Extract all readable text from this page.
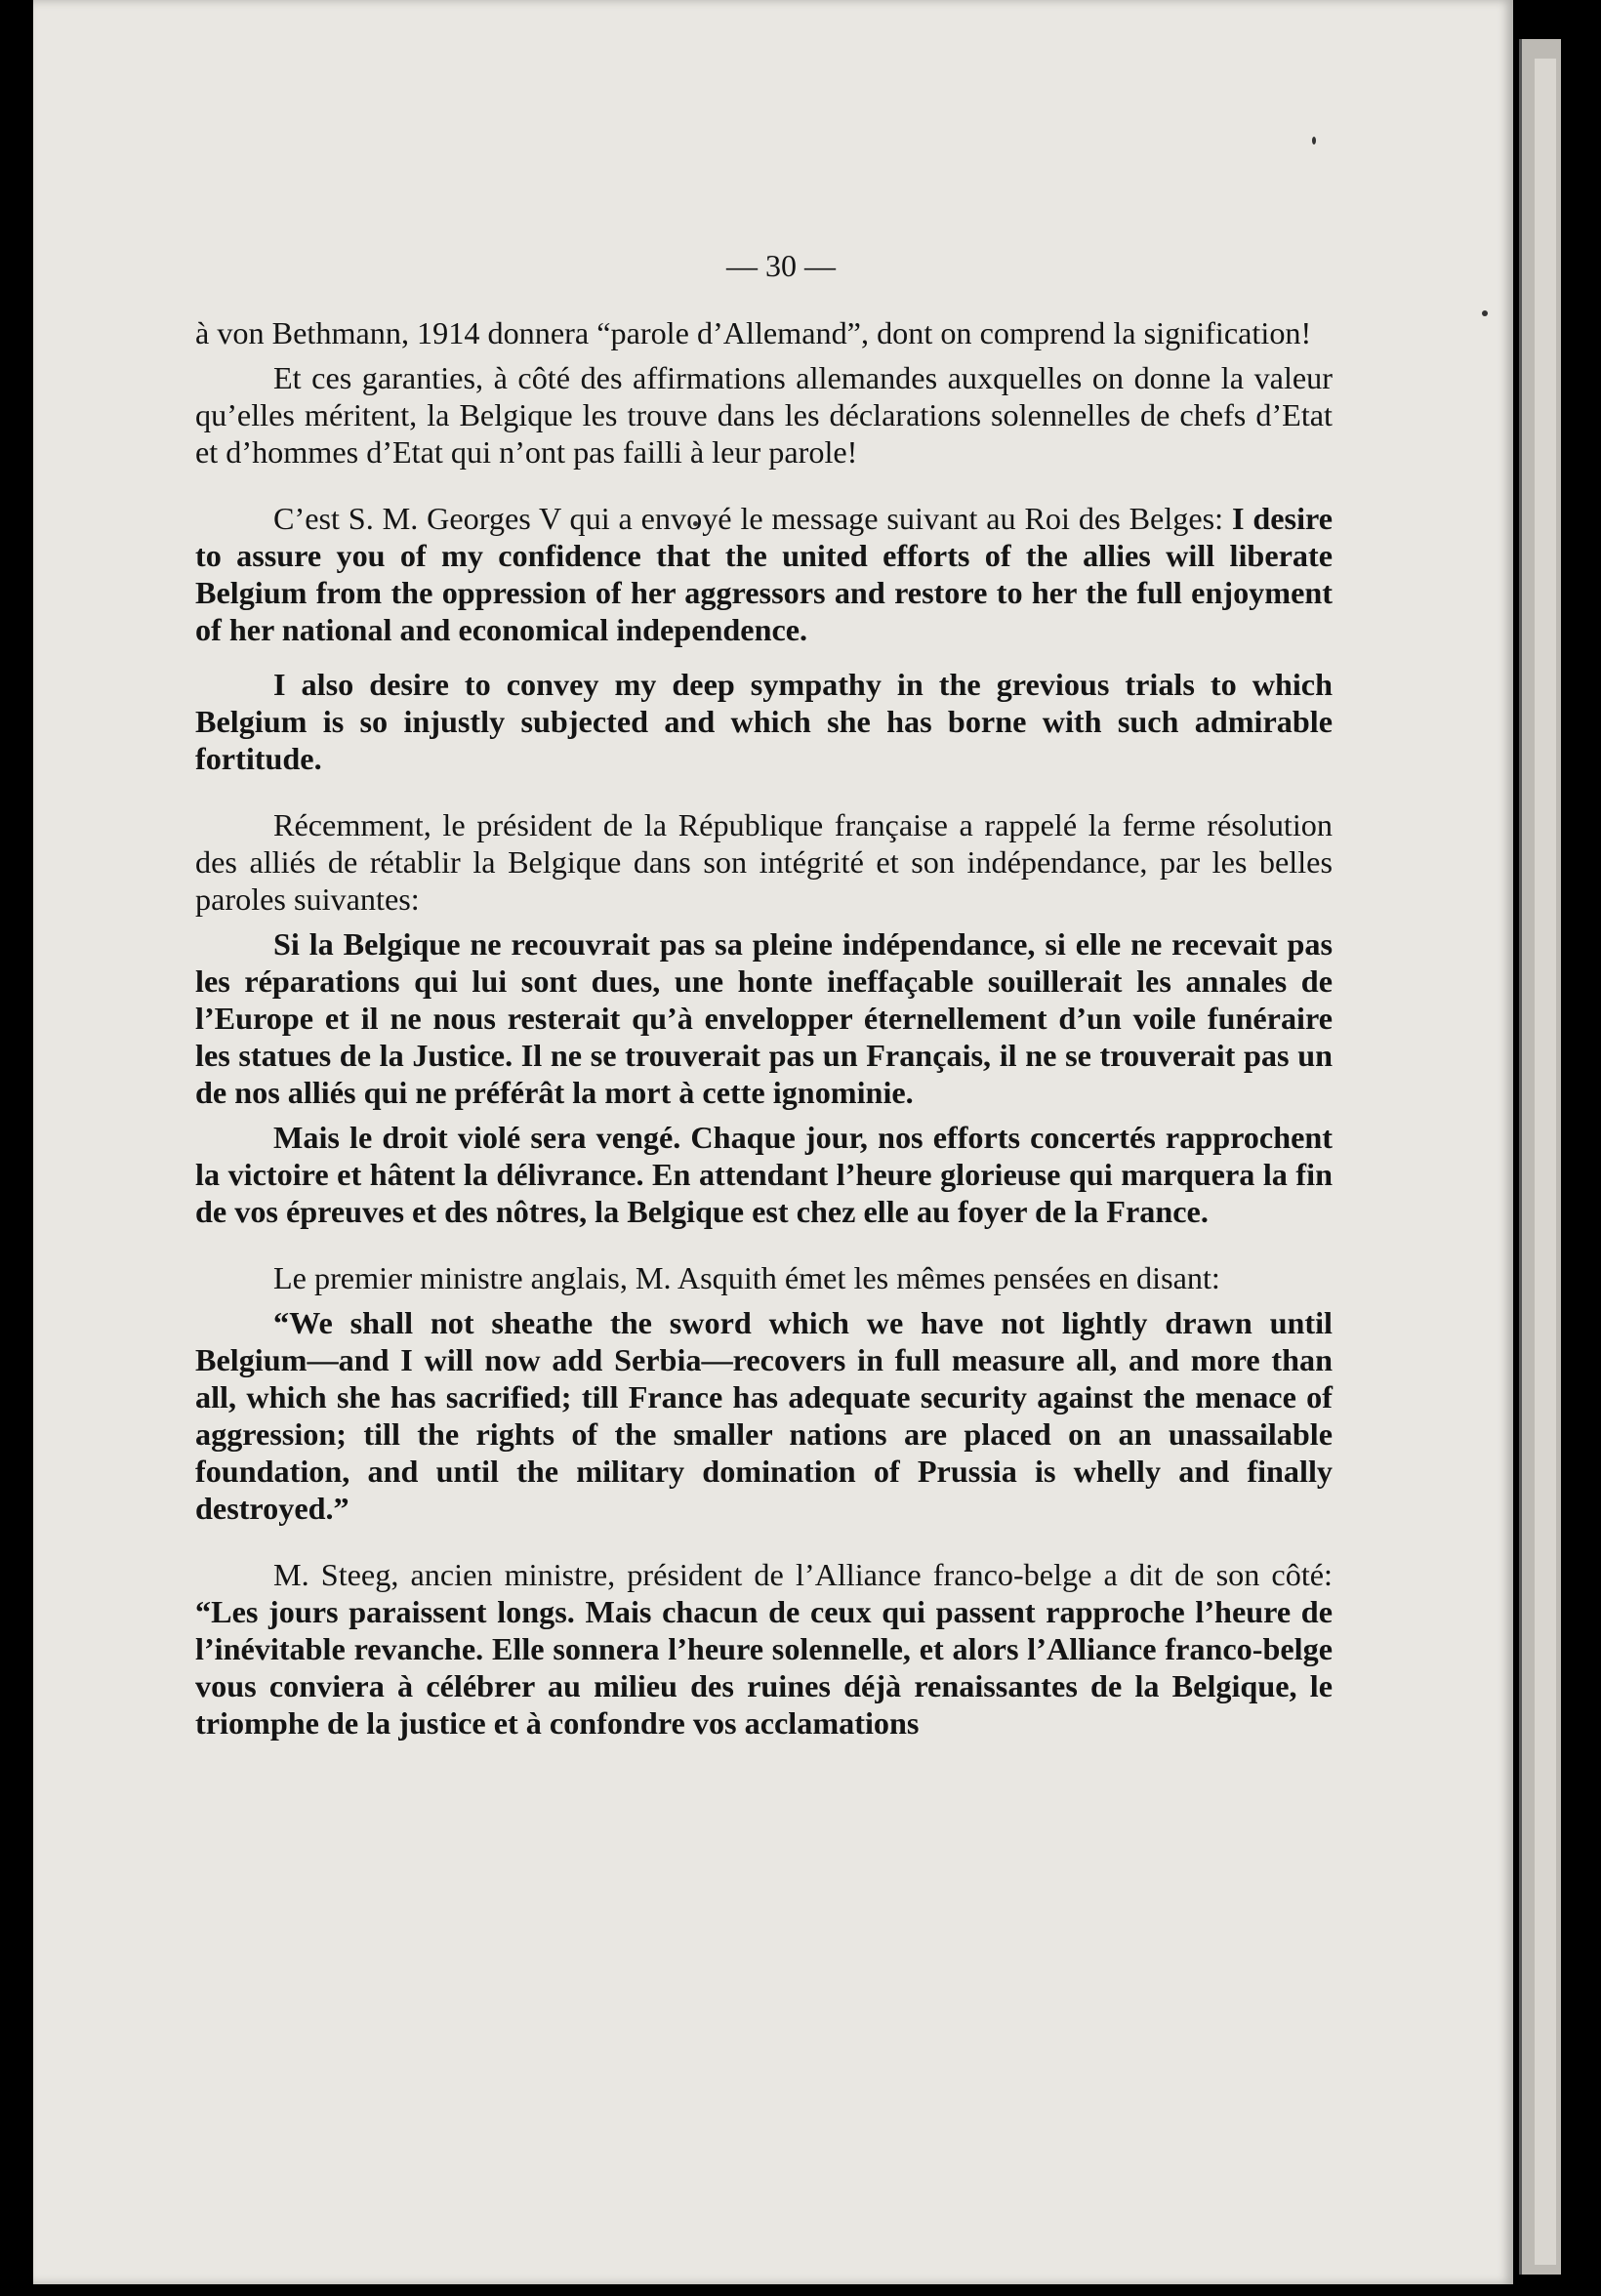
— 30 —

à von Bethmann, 1914 donnera “parole d’Allemand”, dont on comprend la signification!

Et ces garanties, à côté des affirmations allemandes auxquelles on donne la valeur qu’elles méritent, la Belgique les trouve dans les déclarations solennelles de chefs d’Etat et d’hommes d’Etat qui n’ont pas failli à leur parole!

C’est S. M. Georges V qui a envoyé le message suivant au Roi des Belges: I desire to assure you of my confidence that the united efforts of the allies will liberate Belgium from the oppression of her aggressors and restore to her the full enjoyment of her national and economical independence.

I also desire to convey my deep sympathy in the grevious trials to which Belgium is so injustly subjected and which she has borne with such admirable fortitude.

Récemment, le président de la République française a rappelé la ferme résolution des alliés de rétablir la Belgique dans son intégrité et son indépendance, par les belles paroles suivantes:

Si la Belgique ne recouvrait pas sa pleine indépendance, si elle ne recevait pas les réparations qui lui sont dues, une honte ineffaçable souillerait les annales de l’Europe et il ne nous resterait qu’à envelopper éternellement d’un voile funéraire les statues de la Justice. Il ne se trouverait pas un Français, il ne se trouverait pas un de nos alliés qui ne préférât la mort à cette ignominie.

Mais le droit violé sera vengé. Chaque jour, nos efforts concertés rapprochent la victoire et hâtent la délivrance. En attendant l’heure glorieuse qui marquera la fin de vos épreuves et des nôtres, la Belgique est chez elle au foyer de la France.

Le premier ministre anglais, M. Asquith émet les mêmes pensées en disant:

“We shall not sheathe the sword which we have not lightly drawn until Belgium—and I will now add Serbia—recovers in full measure all, and more than all, which she has sacrified; till France has adequate security against the menace of aggression; till the rights of the smaller nations are placed on an unassailable foundation, and until the military domination of Prussia is whelly and finally destroyed.”

M. Steeg, ancien ministre, président de l’Alliance franco-belge a dit de son côté: “Les jours paraissent longs. Mais chacun de ceux qui passent rapproche l’heure de l’inévitable revanche. Elle sonnera l’heure solennelle, et alors l’Alliance franco-belge vous conviera à célébrer au milieu des ruines déjà renaissantes de la Belgique, le triomphe de la justice et à confondre vos acclamations
